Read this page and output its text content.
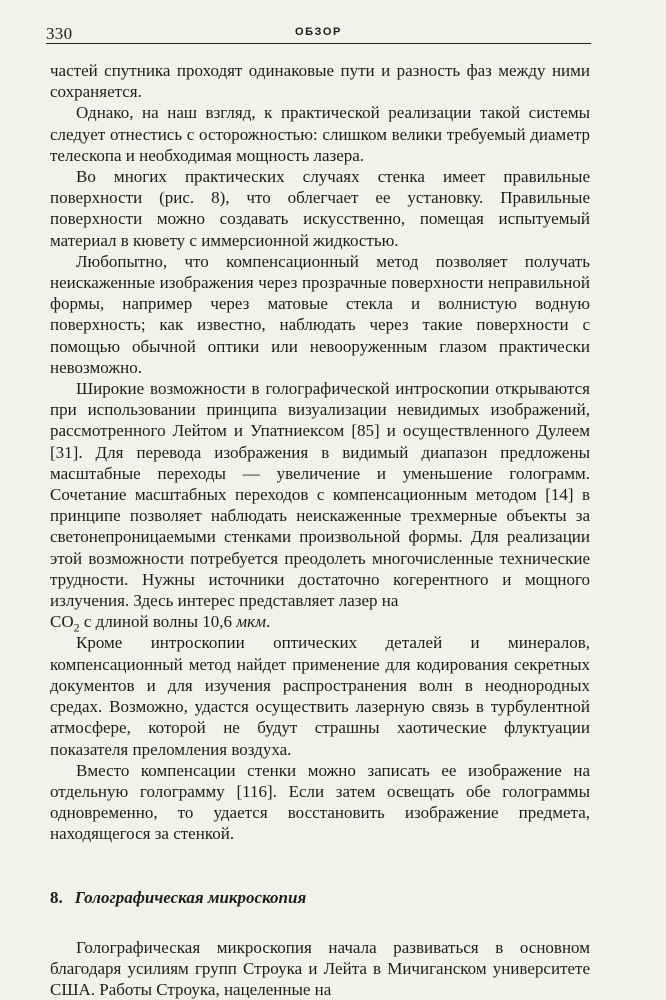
330	ОБЗОР

частей спутника проходят одинаковые пути и разность фаз между ними сохраняется.

Однако, на наш взгляд, к практической реализации такой системы следует отнестись с осторожностью: слишком велики требуемый диаметр телескопа и необходимая мощность лазера.

Во многих практических случаях стенка имеет правильные поверхности (рис. 8), что облегчает ее установку. Правильные поверхности можно создавать искусственно, помещая испытуемый материал в кювету с иммерсионной жидкостью.

Любопытно, что компенсационный метод позволяет получать неискаженные изображения через прозрачные поверхности неправильной формы, например через матовые стекла и волнистую водную поверхность; как известно, наблюдать через такие поверхности с помощью обычной оптики или невооруженным глазом практически невозможно.

Широкие возможности в голографической интроскопии открываются при использовании принципа визуализации невидимых изображений, рассмотренного Лейтом и Упатниексом [85] и осуществленного Дулеем [31]. Для перевода изображения в видимый диапазон предложены масштабные переходы — увеличение и уменьшение голограмм. Сочетание масштабных переходов с компенсационным методом [14] в принципе позволяет наблюдать неискаженные трехмерные объекты за светонепроницаемыми стенками произвольной формы. Для реализации этой возможности потребуется преодолеть многочисленные технические трудности. Нужны источники достаточно когерентного и мощного излучения. Здесь интерес представляет лазер на
$CO_2$ с длиной волны 10,6 мкм.

Кроме интроскопии оптических деталей и минералов, компенсационный метод найдет применение для кодирования секретных документов и для изучения распространения волн в неоднородных средах. Возможно, удастся осуществить лазерную связь в турбулентной атмосфере, которой не будут страшны хаотические флуктуации показателя преломления воздуха.

Вместо компенсации стенки можно записать ее изображение на отдельную голограмму [116]. Если затем освещать обе голограммы одновременно, то удается восстановить изображение предмета, находящегося за стенкой.

8. Голографическая микроскопия

Голографическая микроскопия начала развиваться в основном благодаря усилиям групп Строука и Лейта в Мичиганском университете США. Работы Строука, нацеленные на
